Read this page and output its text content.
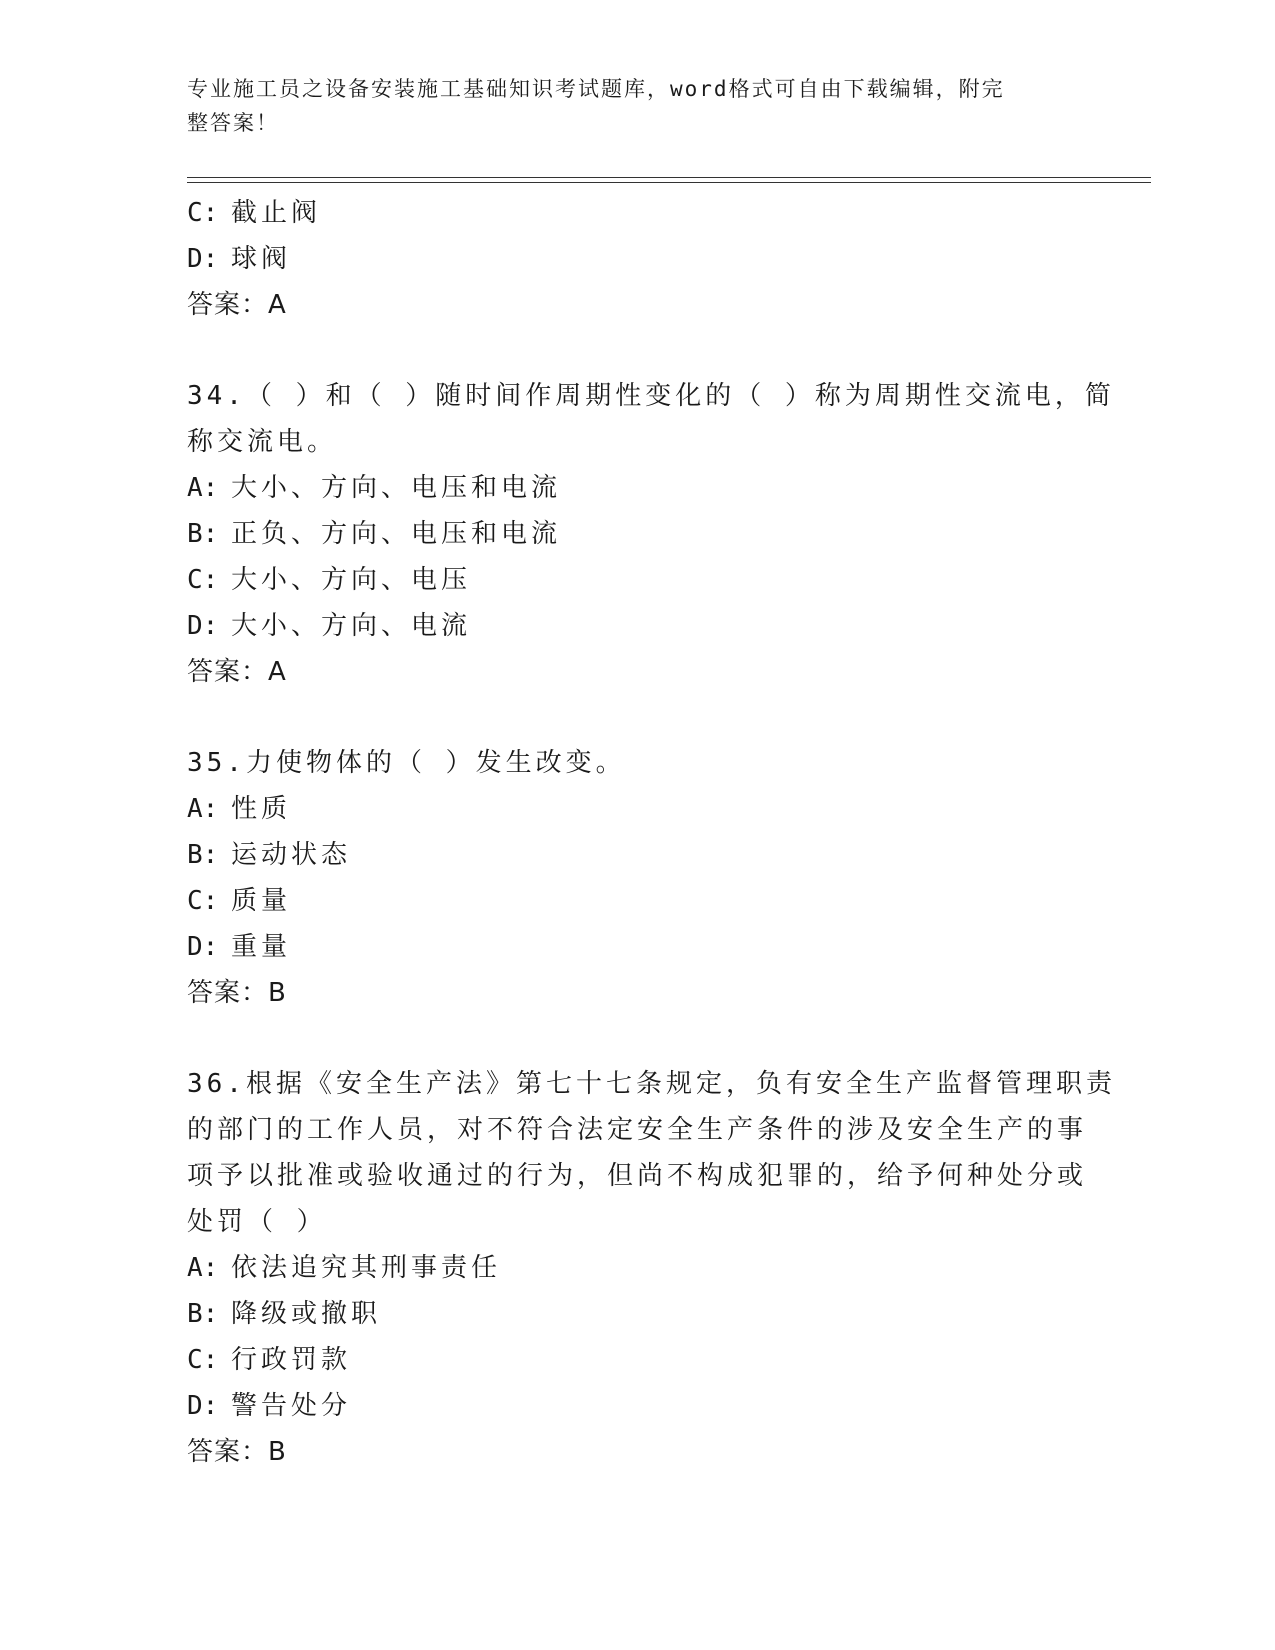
专业施工员之设备安装施工基础知识考试题库，word格式可自由下载编辑，附完
整答案！
C: 截止阀
D: 球阀
答案：A
34.（ ）和（ ）随时间作周期性变化的（ ）称为周期性交流电，简
称交流电。
A: 大小、方向、电压和电流
B: 正负、方向、电压和电流
C: 大小、方向、电压
D: 大小、方向、电流
答案：A
35.力使物体的（ ）发生改变。
A: 性质
B: 运动状态
C: 质量
D: 重量
答案：B
36.根据《安全生产法》第七十七条规定，负有安全生产监督管理职责
的部门的工作人员，对不符合法定安全生产条件的涉及安全生产的事
项予以批准或验收通过的行为，但尚不构成犯罪的，给予何种处分或
处罚（ ）
A: 依法追究其刑事责任
B: 降级或撤职
C: 行政罚款
D: 警告处分
答案：B
